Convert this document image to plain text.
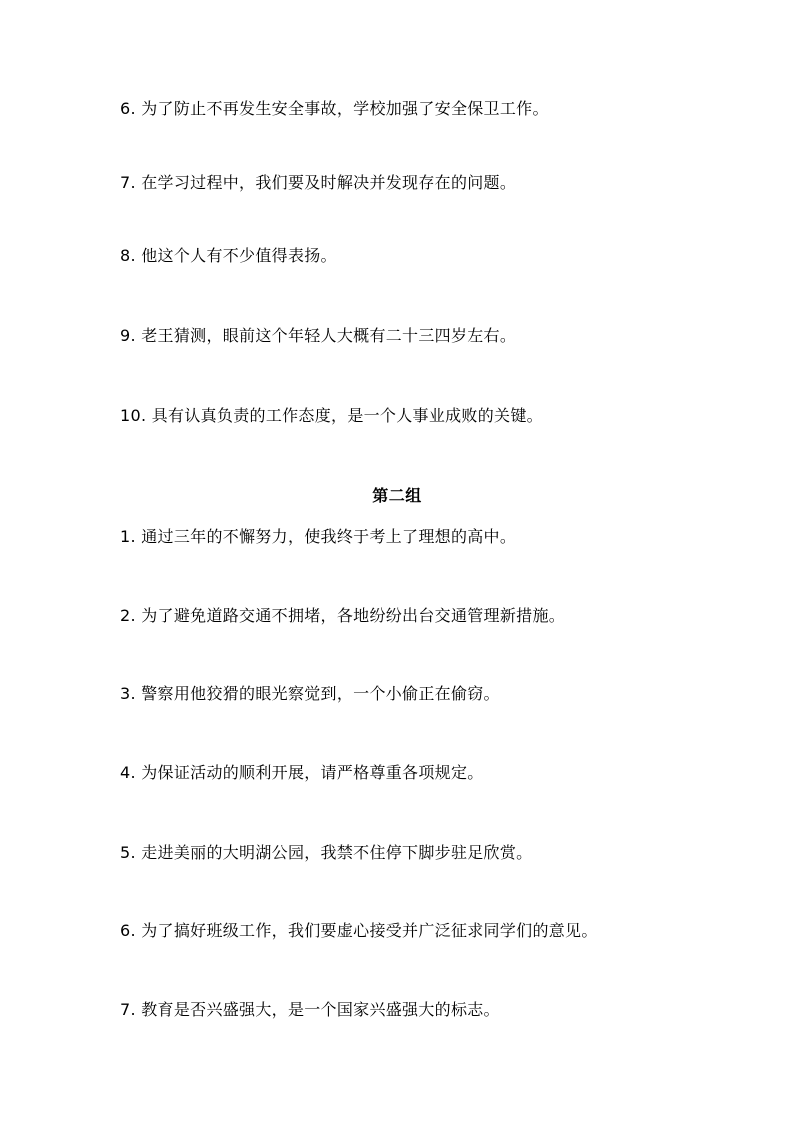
6. 为了防止不再发生安全事故，学校加强了安全保卫工作。
7. 在学习过程中，我们要及时解决并发现存在的问题。
8. 他这个人有不少值得表扬。
9. 老王猜测，眼前这个年轻人大概有二十三四岁左右。
10. 具有认真负责的工作态度，是一个人事业成败的关键。
第二组
1. 通过三年的不懈努力，使我终于考上了理想的高中。
2. 为了避免道路交通不拥堵，各地纷纷出台交通管理新措施。
3. 警察用他狡猾的眼光察觉到，一个小偷正在偷窃。
4. 为保证活动的顺利开展，请严格尊重各项规定。
5. 走进美丽的大明湖公园，我禁不住停下脚步驻足欣赏。
6. 为了搞好班级工作，我们要虚心接受并广泛征求同学们的意见。
7. 教育是否兴盛强大，是一个国家兴盛强大的标志。
